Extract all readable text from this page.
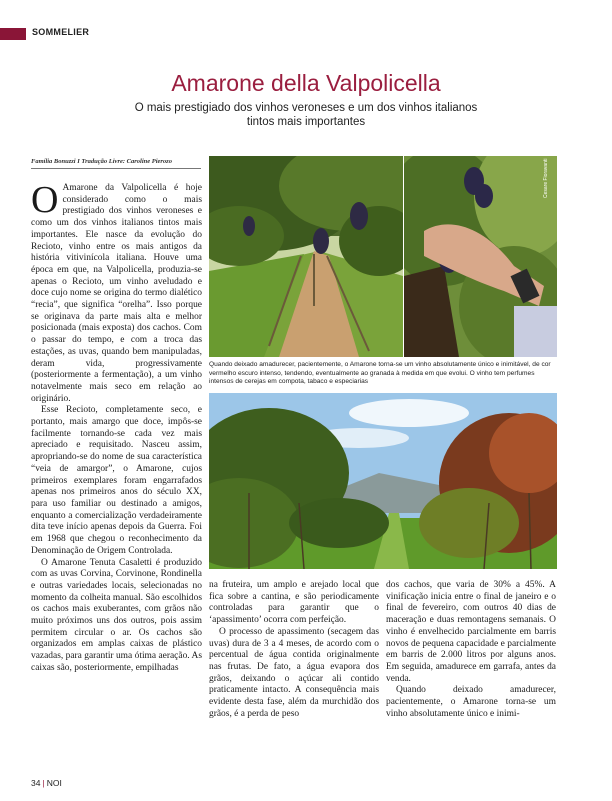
SOMMELIER
Amarone della Valpolicella
O mais prestigiado dos vinhos veroneses e um dos vinhos italianos tintos mais importantes
Família Bonuzzi I Tradução Livre: Caroline Pierozo

O Amarone da Valpolicella é hoje considerado como o mais prestigiado dos vinhos veroneses e como um dos vinhos italianos tintos mais importantes. Ele nasce da evolução do Recioto, vinho entre os mais antigos da história vitivinícola italiana. Houve uma época em que, na Valpolicella, produzia-se apenas o Recioto, um vinho aveludado e doce cujo nome se origina do termo dialético “recia”, que significa “orelha”. Isso porque se originava da parte mais alta e melhor posicionada (mais exposta) dos cachos. Com o passar do tempo, e com a troca das estações, as uvas, quando bem manipuladas, deram vida, progressivamente (posteriormente a fermentação), a um vinho notavelmente mais seco em relação ao originário.

Esse Recioto, completamente seco, e portanto, mais amargo que doce, impôs-se facilmente tornando-se cada vez mais apreciado e requisitado. Nasceu assim, apropriando-se do nome de sua característica “veia de amargor”, o Amarone, cujos primeiros exemplares foram engarrafados apenas nos primeiros anos do século XX, para uso familiar ou destinado a amigos, enquanto a comercialização verdadeiramente dita teve início apenas depois da Guerra. Foi em 1968 que chegou o reconhecimento da Denominação de Origem Controlada.

O Amarone Tenuta Casaletti é produzido com as uvas Corvina, Corvinone, Rondinella e outras variedades locais, selecionadas no momento da colheita manual. São escolhidos os cachos mais exuberantes, com grãos não muito próximos uns dos outros, pois assim permitem circular o ar. Os cachos são organizados em amplas caixas de plástico vazadas, para garantir uma ótima aeração. As caixas são, posteriormente, empilhadas

Cesare Fioravanti
Quando deixado amadurecer, pacientemente, o Amarone torna-se um vinho absolutamente único e inimitável, de cor vermelho escuro intenso, tendendo, eventualmente ao granada à medida em que evolui. O vinho tem perfumes intensos de cerejas em compota, tabaco e especiarias

na fruteira, um amplo e arejado local que fica sobre a cantina, e são periodicamente controladas para garantir que o ‘apassimento’ ocorra com perfeição.

O processo de apassimento (secagem das uvas) dura de 3 a 4 meses, de acordo com o percentual de água contida originalmente nas frutas. De fato, a água evapora dos grãos, deixando o açúcar ali contido praticamente intacto. A consequência mais evidente desta fase, além da murchidão dos grãos, é a perda de peso

dos cachos, que varia de 30% a 45%. A vinificação inicia entre o final de janeiro e o final de fevereiro, com outros 40 dias de maceração e duas remontagens semanais. O vinho é envelhecido parcialmente em barris novos de pequena capacidade e parcialmente em barris de 2.000 litros por alguns anos. Em seguida, amadurece em garrafa, antes da venda.

Quando deixado amadurecer, pacientemente, o Amarone torna-se um vinho absolutamente único e inimi-

34 | NOI
